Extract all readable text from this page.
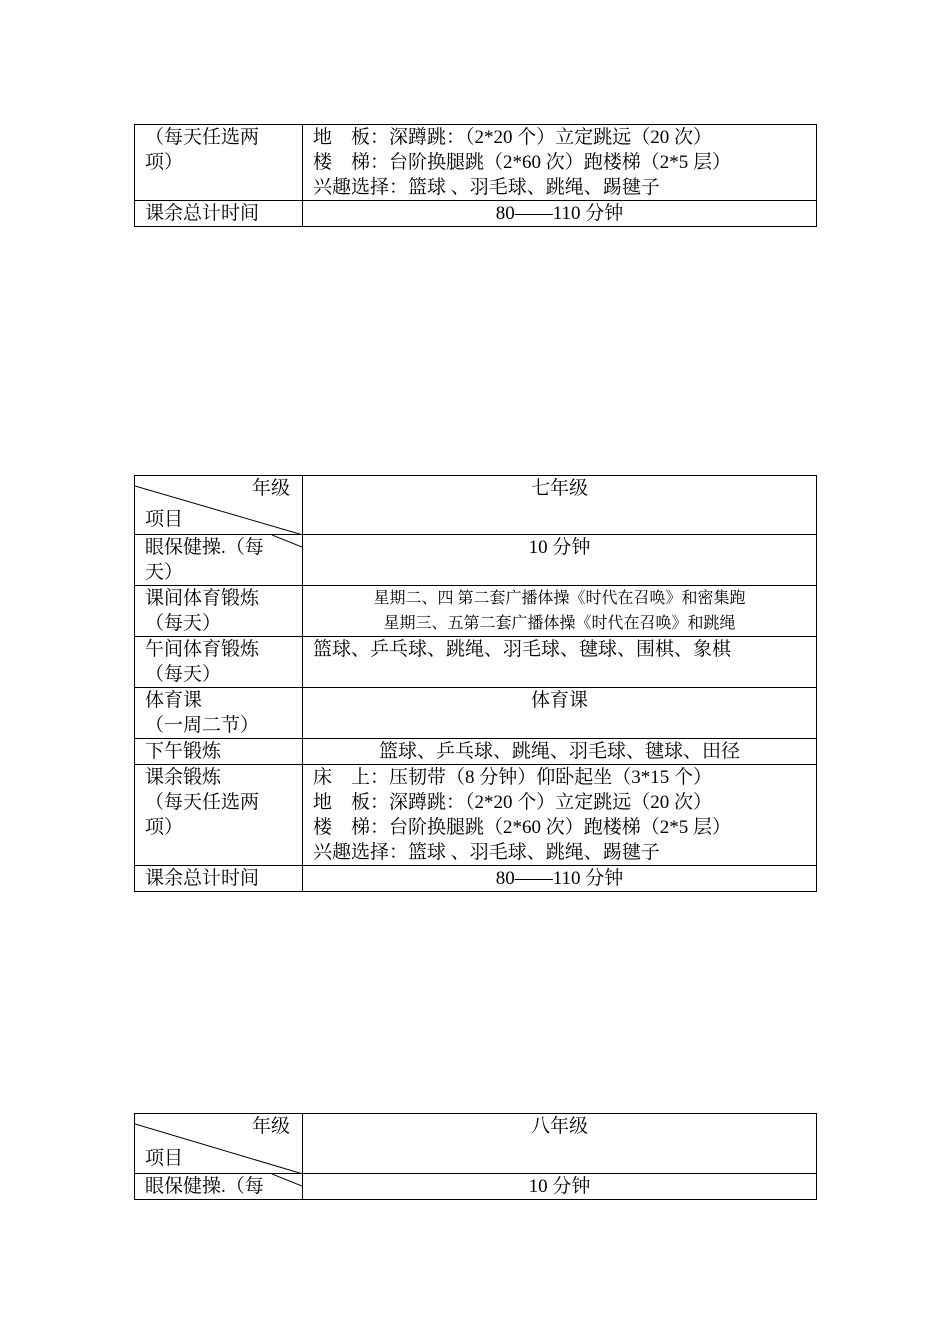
（每天任选两
项）	地　板：深蹲跳：（2*20 个）立定跳远（20 次）
楼　梯：台阶换腿跳（2*60 次）跑楼梯（2*5 层）
兴趣选择：篮球 、羽毛球、跳绳、踢毽子

课余总计时间	80——110 分钟
年级
项目	七年级

眼保健操.（每
天）	10 分钟

课间体育锻炼
（每天）	星期二、四 第二套广播体操《时代在召唤》和密集跑
星期三、五第二套广播体操《时代在召唤》和跳绳

午间体育锻炼
（每天）	篮球、乒乓球、跳绳、羽毛球、毽球、围棋、象棋

体育课
（一周二节）	体育课
下午锻炼	篮球、乒乓球、跳绳、羽毛球、毽球、田径

课余锻炼
（每天任选两
项）	床　上：压韧带（8 分钟）仰卧起坐（3*15 个）
地　板：深蹲跳：（2*20 个）立定跳远（20 次）
楼　梯：台阶换腿跳（2*60 次）跑楼梯（2*5 层）
兴趣选择：篮球 、羽毛球、跳绳、踢毽子

课余总计时间	80——110 分钟
年级
项目	八年级

眼保健操.（每	10 分钟
